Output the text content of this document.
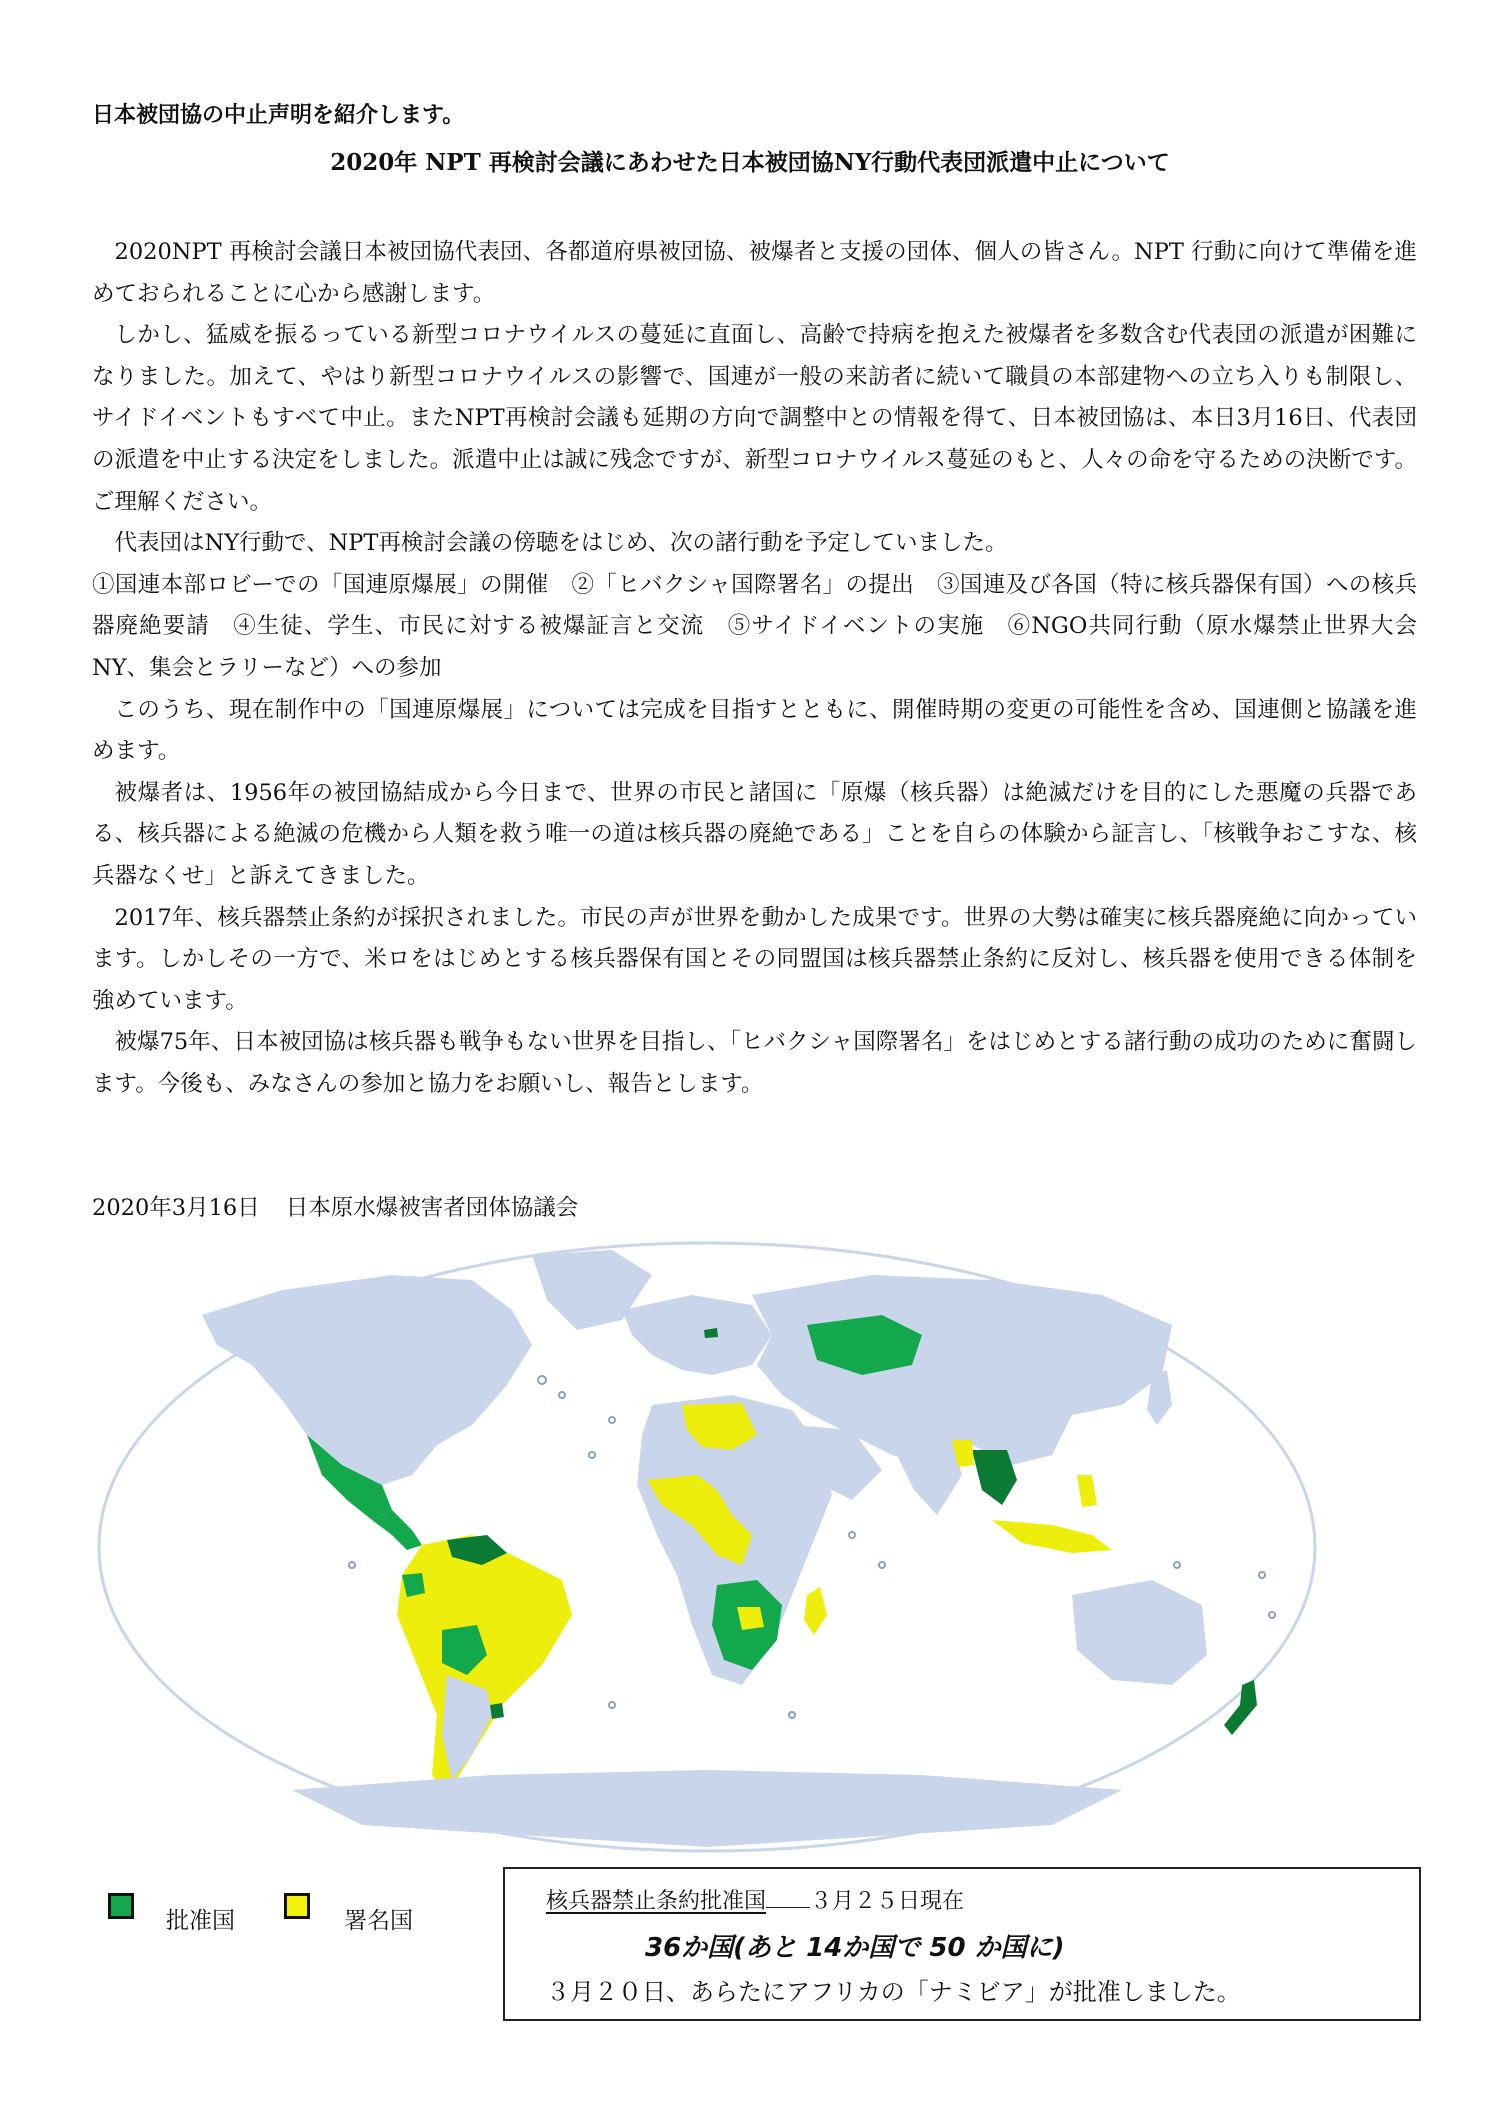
日本被団協の中止声明を紹介します。
2020年 NPT 再検討会議にあわせた日本被団協NY行動代表団派遣中止について

2020NPT 再検討会議日本被団協代表団、各都道府県被団協、被爆者と支援の団体、個人の皆さん。NPT 行動に向けて準備を進めておられることに心から感謝します。

しかし、猛威を振るっている新型コロナウイルスの蔓延に直面し、高齢で持病を抱えた被爆者を多数含む代表団の派遣が困難になりました。加えて、やはり新型コロナウイルスの影響で、国連が一般の来訪者に続いて職員の本部建物への立ち入りも制限し、サイドイベントもすべて中止。またNPT再検討会議も延期の方向で調整中との情報を得て、日本被団協は、本日3月16日、代表団の派遣を中止する決定をしました。派遣中止は誠に残念ですが、新型コロナウイルス蔓延のもと、人々の命を守るための決断です。ご理解ください。

代表団はNY行動で、NPT再検討会議の傍聴をはじめ、次の諸行動を予定していました。

①国連本部ロビーでの「国連原爆展」の開催　②「ヒバクシャ国際署名」の提出　③国連及び各国（特に核兵器保有国）への核兵器廃絶要請　④生徒、学生、市民に対する被爆証言と交流　⑤サイドイベントの実施　⑥NGO共同行動（原水爆禁止世界大会NY、集会とラリーなど）への参加

このうち、現在制作中の「国連原爆展」については完成を目指すとともに、開催時期の変更の可能性を含め、国連側と協議を進めます。

被爆者は、1956年の被団協結成から今日まで、世界の市民と諸国に「原爆（核兵器）は絶滅だけを目的にした悪魔の兵器である、核兵器による絶滅の危機から人類を救う唯一の道は核兵器の廃絶である」ことを自らの体験から証言し、「核戦争おこすな、核兵器なくせ」と訴えてきました。

2017年、核兵器禁止条約が採択されました。市民の声が世界を動かした成果です。世界の大勢は確実に核兵器廃絶に向かっています。しかしその一方で、米ロをはじめとする核兵器保有国とその同盟国は核兵器禁止条約に反対し、核兵器を使用できる体制を強めています。

被爆75年、日本被団協は核兵器も戦争もない世界を目指し、「ヒバクシャ国際署名」をはじめとする諸行動の成功のために奮闘します。今後も、みなさんの参加と協力をお願いし、報告とします。

2020年3月16日 日本原水爆被害者団体協議会
批准国	署名国
核兵器禁止条約批准国 ３月２５日現在
36か国(あと 14か国で 50 か国に)
３月２０日、あらたにアフリカの「ナミビア」が批准しました。
